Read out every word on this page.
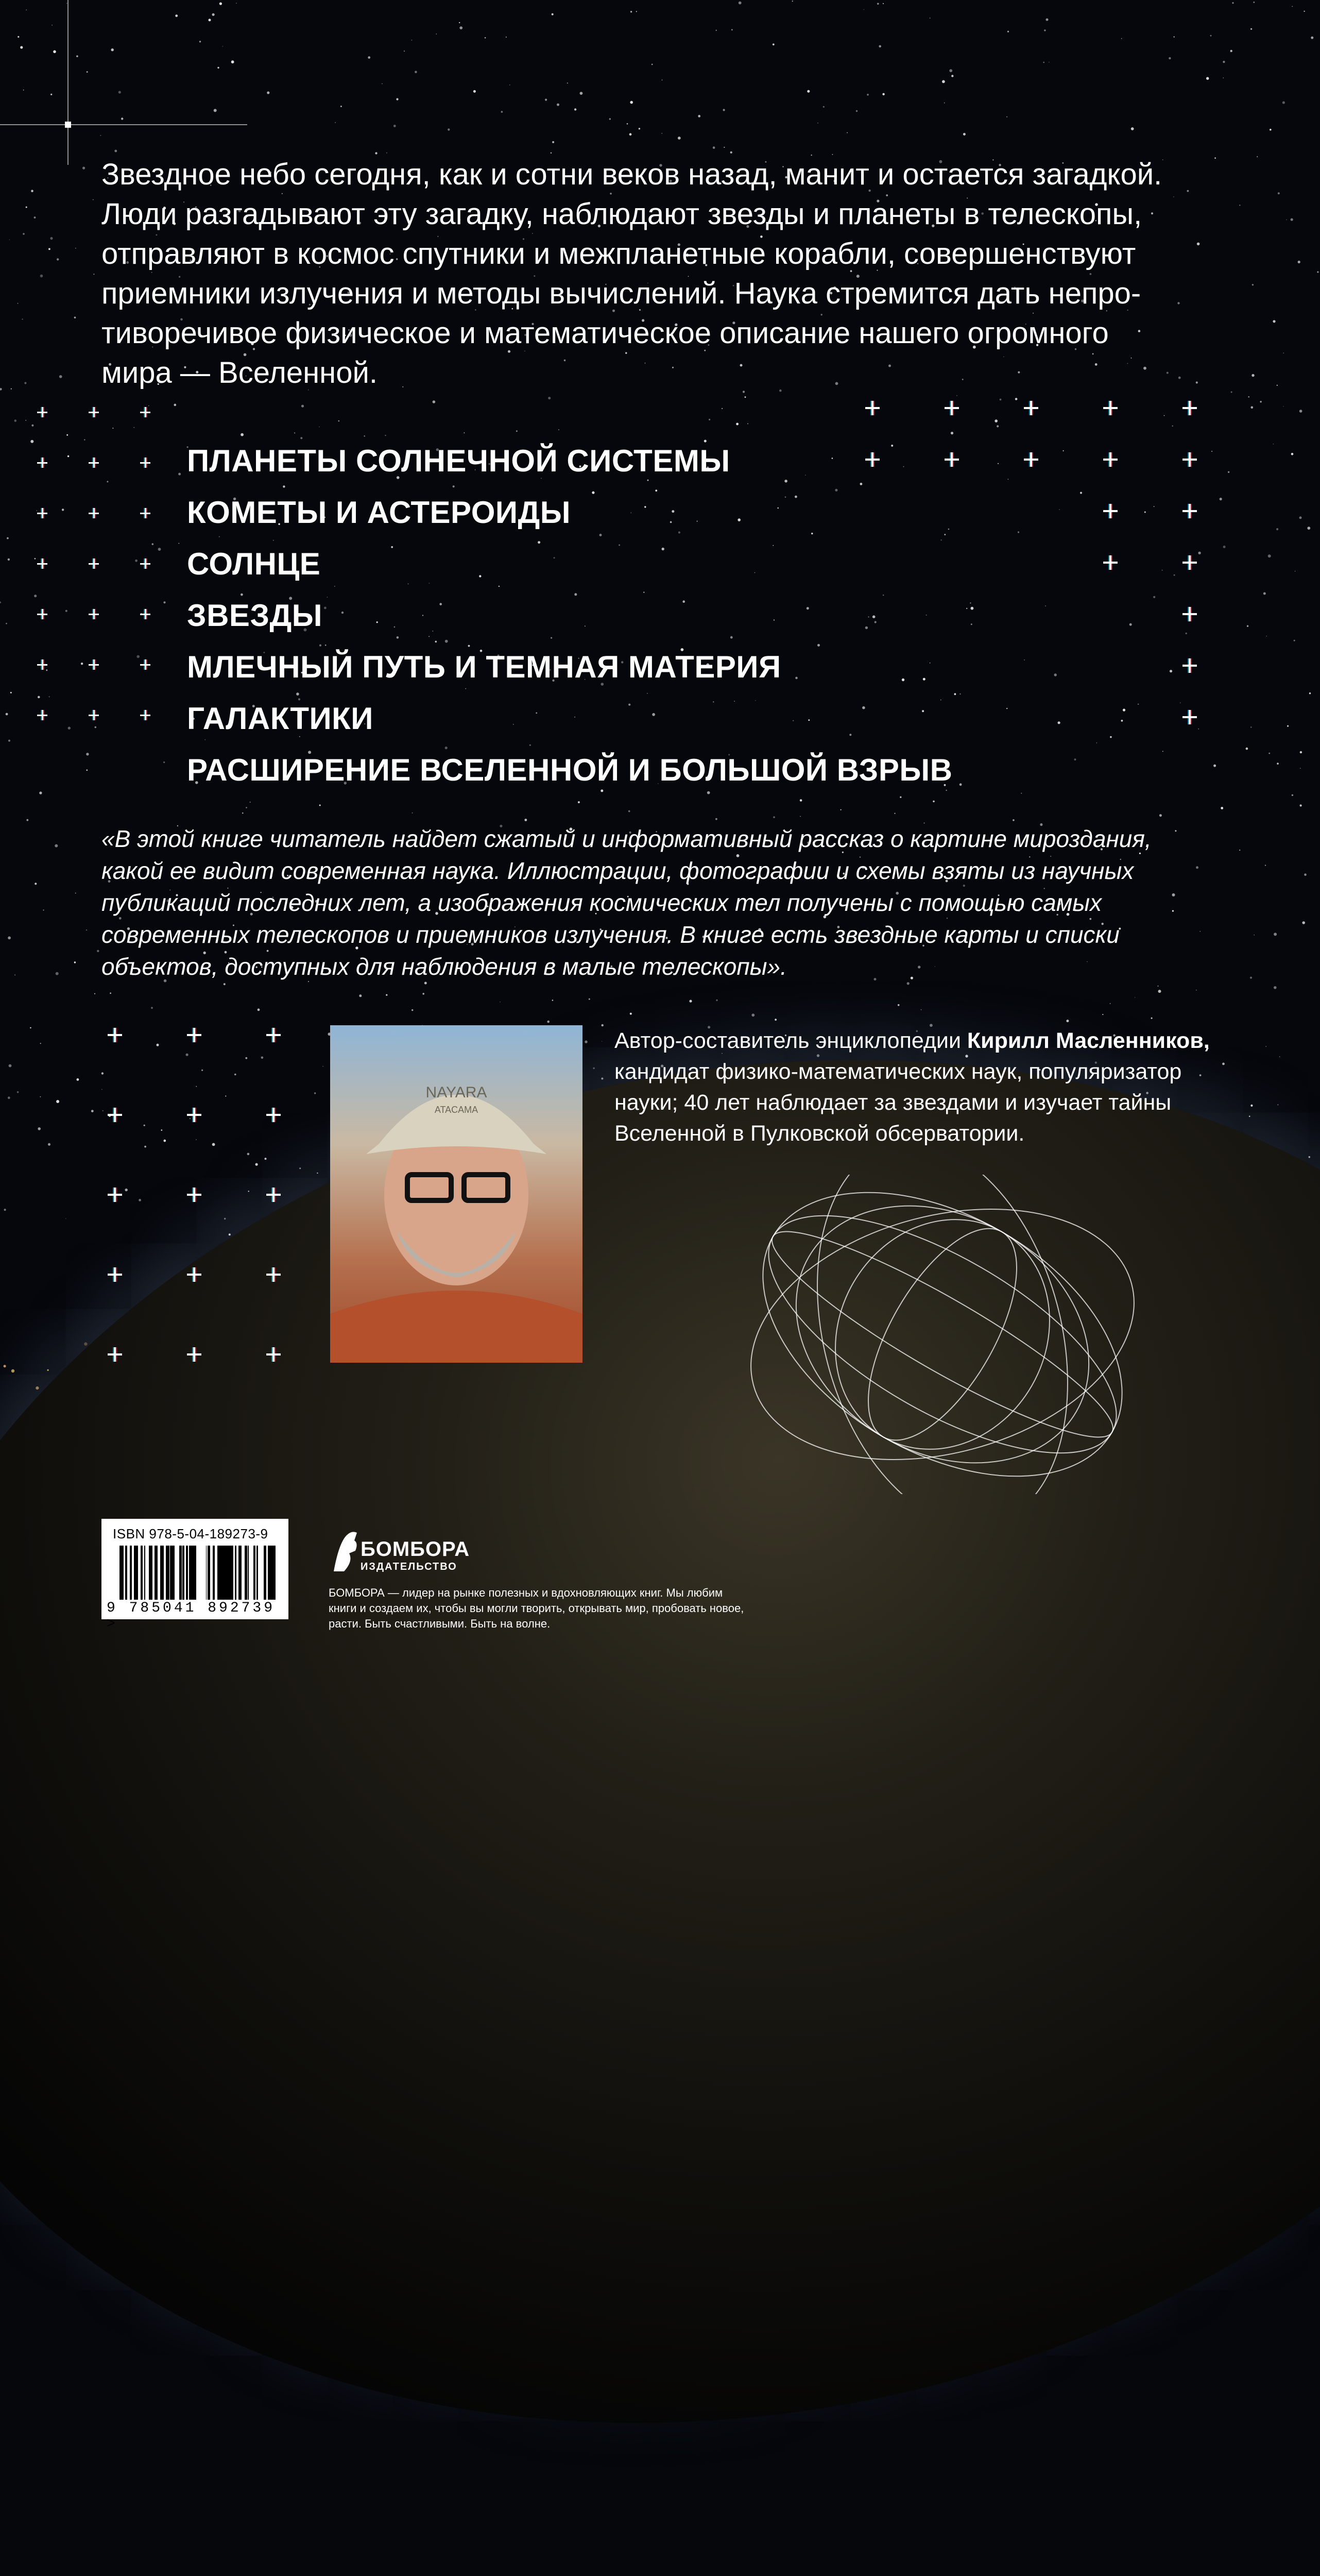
Звездное небо сегодня, как и сотни веков назад, манит и остается загадкой. Люди разгадывают эту загадку, наблюдают звезды и планеты в телескопы, отправляют в космос спутники и межпланетные корабли, совершенствуют приемники излучения и методы вычислений. Наука стремится дать непро-тиворечивое физическое и математическое описание нашего огромного мира — Вселенной.

ПЛАНЕТЫ СОЛНЕЧНОЙ СИСТЕМЫ
КОМЕТЫ И АСТЕРОИДЫ
СОЛНЦЕ
ЗВЕЗДЫ
МЛЕЧНЫЙ ПУТЬ И ТЕМНАЯ МАТЕРИЯ
ГАЛАКТИКИ
РАСШИРЕНИЕ ВСЕЛЕННОЙ И БОЛЬШОЙ ВЗРЫВ

«В этой книге читатель найдет сжатый и информативный рассказ о картине мироздания, какой ее видит современная наука. Иллюстрации, фотографии и схемы взяты из научных публикаций последних лет, а изображения космических тел получены с помощью самых современных телескопов и приемников излучения. В книге есть звездные карты и списки объектов, доступных для наблюдения в малые телескопы».

NAYARA
ATACAMA

Автор-составитель энциклопедии Кирилл Масленников, кандидат физико-математических наук, популяризатор науки; 40 лет наблюдает за звездами и изучает тайны Вселенной в Пулковской обсерватории.

ISBN 978-5-04-189273-9
9 785041 892739 >
БОМБОРА
ИЗДАТЕЛЬСТВО

БОМБОРА — лидер на рынке полезных и вдохновляющих книг. Мы любим книги и создаем их, чтобы вы могли творить, открывать мир, пробовать новое, расти. Быть счастливыми. Быть на волне.
